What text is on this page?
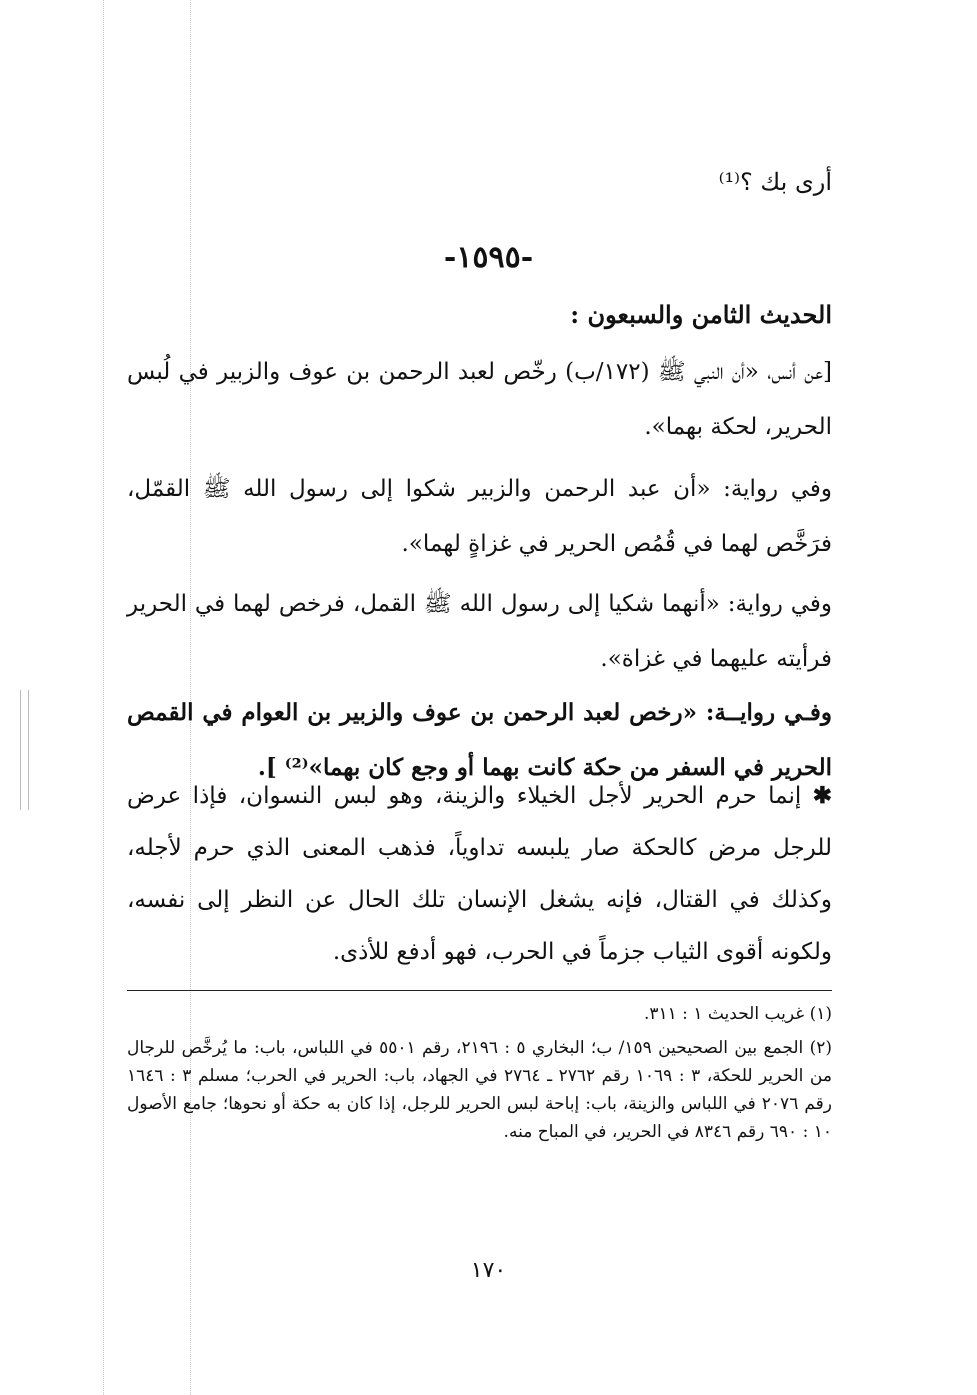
أرى بك ؟⁽¹⁾
-١٥٩٥-
الحديث الثامن والسبعون :
[عن أنس، «أن النبي ﷺ (١٧٢/ب) رخّص لعبد الرحمن بن عوف والزبير في لُبس الحرير، لحكة بهما».
وفي رواية: «أن عبد الرحمن والزبير شكوا إلى رسول الله ﷺ القمّل، فرَخَّص لهما في قُمُص الحرير في غزاةٍ لهما».
وفي رواية: «أنهما شكيا إلى رسول الله ﷺ القمل، فرخص لهما في الحرير فرأيته عليهما في غزاة».
وفـي روايــة: «رخص لعبد الرحمن بن عوف والزبير بن العوام في القمص الحرير في السفر من حكة كانت بهما أو وجع كان بهما»⁽²⁾ ].
✱ إنما حرم الحرير لأجل الخيلاء والزينة، وهو لبس النسوان، فإذا عرض للرجل مرض كالحكة صار يلبسه تداوياً، فذهب المعنى الذي حرم لأجله، وكذلك في القتال، فإنه يشغل الإنسان تلك الحال عن النظر إلى نفسه، ولكونه أقوى الثياب جزماً في الحرب، فهو أدفع للأذى.
(١) غريب الحديث ١ : ٣١١.
(٢) الجمع بين الصحيحين ١٥٩/ ب؛ البخاري ٥ : ٢١٩٦، رقم ٥٥٠١ في اللباس، باب: ما يُرخَّص للرجال من الحرير للحكة، ٣ : ١٠٦٩ رقم ٢٧٦٢ ـ ٢٧٦٤ في الجهاد، باب: الحرير في الحرب؛ مسلم ٣ : ١٦٤٦ رقم ٢٠٧٦ في اللباس والزينة، باب: إباحة لبس الحرير للرجل، إذا كان به حكة أو نحوها؛ جامع الأصول ١٠ : ٦٩٠ رقم ٨٣٤٦ في الحرير، في المباح منه.
١٧٠
